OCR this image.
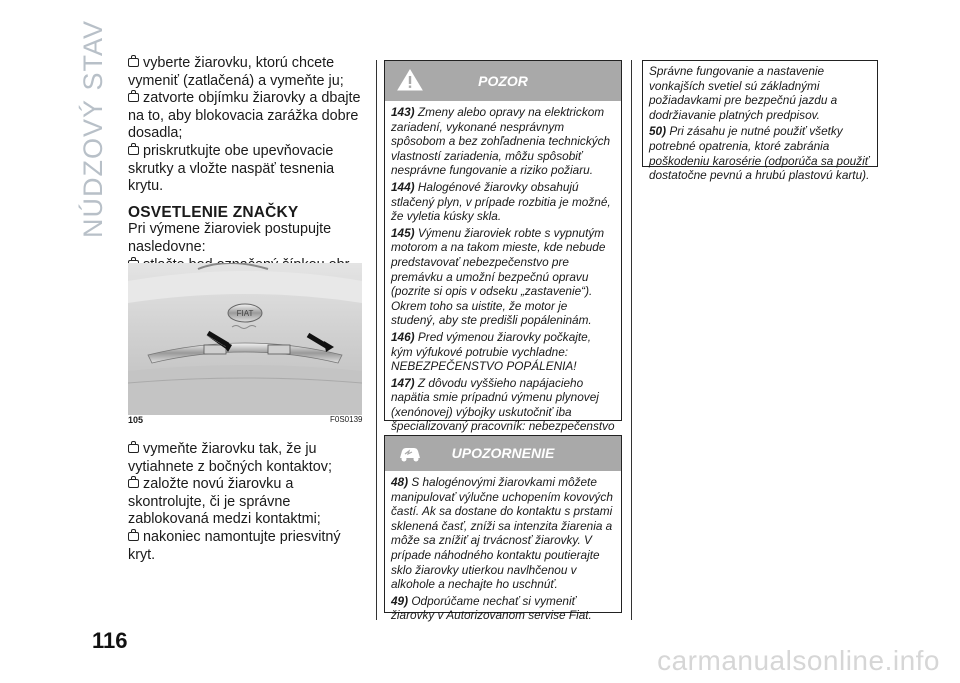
NÚDZOVÝ STAV	vyberte žiarovku, ktorú chcete vymeniť (zatlačená) a vymeňte ju;

zatvorte objímku žiarovky a dbajte na to, aby blokovacia zarážka dobre dosadla;

priskrutkujte obe upevňovacie skrutky a vložte naspäť tesnenia krytu.

OSVETLENIE ZNAČKY

Pri výmene žiaroviek postupujte nasledovne:

FIAT
105	F0S0139

vymeňte žiarovku tak, že ju vytiahnete z bočných kontaktov;

založte novú žiarovku a skontrolujte, či je správne zablokovaná medzi kontaktmi;

nakoniec namontujte priesvitný kryt.

POZOR

143) Zmeny alebo opravy na elektrickom zariadení, vykonané nesprávnym spôsobom a bez zohľadnenia technických vlastností zariadenia, môžu spôsobiť nesprávne fungovanie a riziko požiaru.

144) Halogénové žiarovky obsahujú stlačený plyn, v prípade rozbitia je možné, že vyletia kúsky skla.

145) Výmenu žiaroviek robte s vypnutým motorom a na takom mieste, kde nebude predstavovať nebezpečenstvo pre premávku a umožní bezpečnú opravu (pozrite si opis v odseku „zastavenie“). Okrem toho sa uistite, že motor je studený, aby ste predišli popáleninám.

146) Pred výmenou žiarovky počkajte, kým výfukové potrubie vychladne: NEBEZPEČENSTVO POPÁLENIA!

147) Z dôvodu vyššieho napájacieho napätia smie prípadnú výmenu plynovej (xenónovej) výbojky uskutočniť iba špecializovaný pracovník: nebezpečenstvo

UPOZORNENIE

48) S halogénovými žiarovkami môžete manipulovať výlučne uchopením kovových častí. Ak sa dostane do kontaktu s prstami sklenená časť, zníži sa intenzita žiarenia a môže sa znížiť aj trvácnosť žiarovky. V prípade náhodného kontaktu poutierajte sklo žiarovky utierkou navlhčenou v alkohole a nechajte ho uschnúť.

49) Odporúčame nechať si vymeniť žiarovky v Autorizovanom servise Fiat.

Správne fungovanie a nastavenie vonkajších svetiel sú základnými požiadavkami pre bezpečnú jazdu a dodržiavanie platných predpisov.

50) Pri zásahu je nutné použiť všetky potrebné opatrenia, ktoré zabránia poškodeniu karosérie (odporúča sa použiť dostatočne pevnú a hrubú plastovú kartu).

116
carmanualsonline.info
